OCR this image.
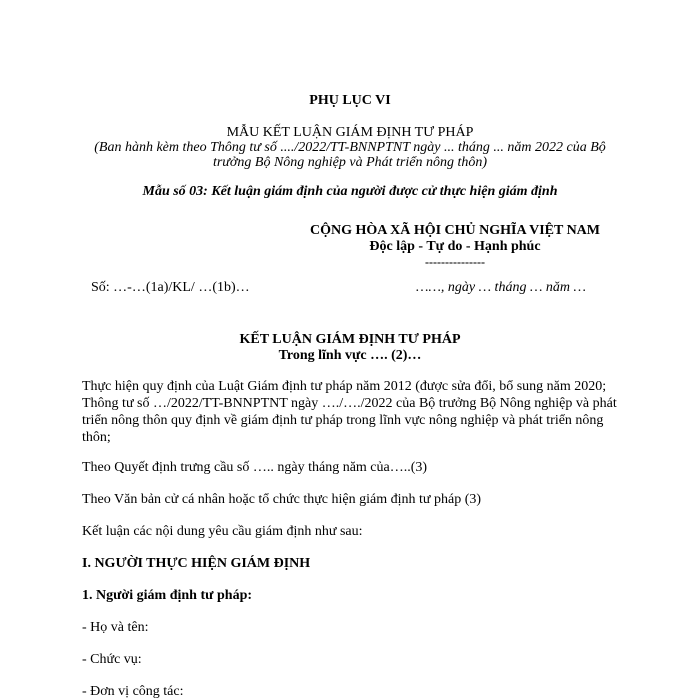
PHỤ LỤC VI
MẪU KẾT LUẬN GIÁM ĐỊNH TƯ PHÁP
(Ban hành kèm theo Thông tư số ..../2022/TT-BNNPTNT ngày ... tháng ... năm 2022 của Bộ
trưởng Bộ Nông nghiệp và Phát triển nông thôn)
Mẫu số 03: Kết luận giám định của người được cử thực hiện giám định
CỘNG HÒA XÃ HỘI CHỦ NGHĨA VIỆT NAM
Độc lập - Tự do - Hạnh phúc
---------------
Số: …-…(1a)/KL/ …(1b)…	……, ngày … tháng … năm …
KẾT LUẬN GIÁM ĐỊNH TƯ PHÁP
Trong lĩnh vực …. (2)…
Thực hiện quy định của Luật Giám định tư pháp năm 2012 (được sửa đổi, bổ sung năm 2020; Thông tư số …/2022/TT-BNNPTNT ngày …./…./2022 của Bộ trưởng Bộ Nông nghiệp và phát triển nông thôn quy định về giám định tư pháp trong lĩnh vực nông nghiệp và phát triển nông thôn;
Theo Quyết định trưng cầu số ….. ngày tháng năm của…..(3)
Theo Văn bản cử cá nhân hoặc tổ chức thực hiện giám định tư pháp (3)
Kết luận các nội dung yêu cầu giám định như sau:
I. NGƯỜI THỰC HIỆN GIÁM ĐỊNH
1. Người giám định tư pháp:
- Họ và tên:
- Chức vụ:
- Đơn vị công tác:
